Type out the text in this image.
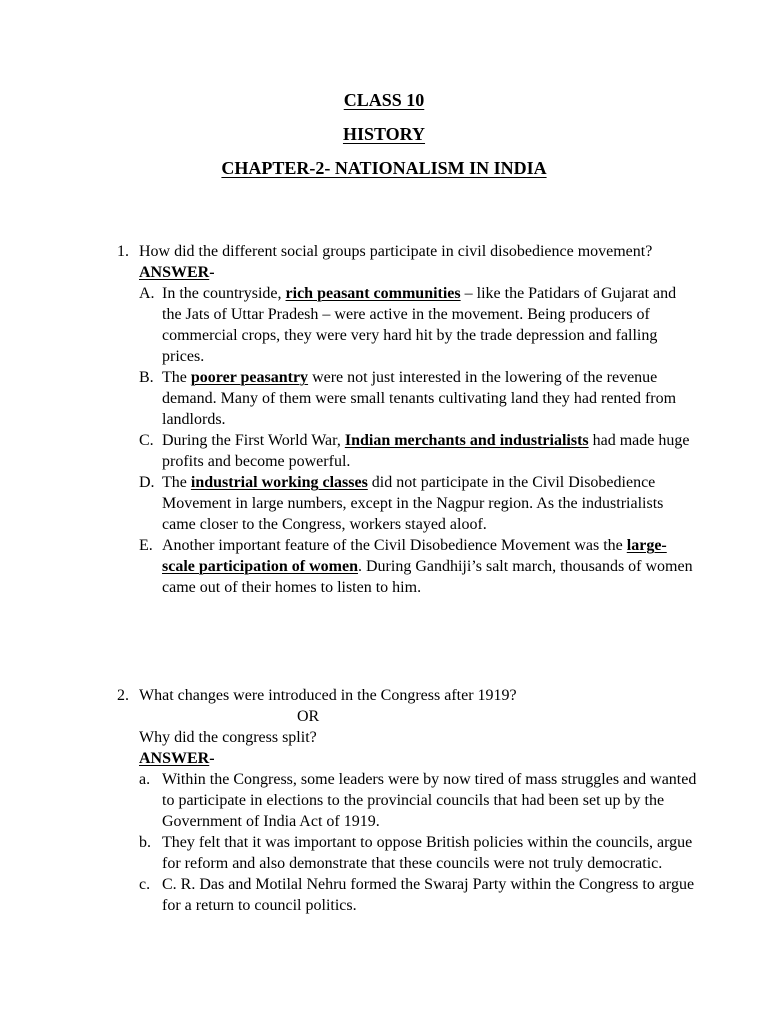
CLASS 10
HISTORY
CHAPTER-2- NATIONALISM IN INDIA
1. How did the different social groups participate in civil disobedience movement?
ANSWER-
A. In the countryside, rich peasant communities – like the Patidars of Gujarat and the Jats of Uttar Pradesh – were active in the movement. Being producers of commercial crops, they were very hard hit by the trade depression and falling prices.
B. The poorer peasantry were not just interested in the lowering of the revenue demand. Many of them were small tenants cultivating land they had rented from landlords.
C. During the First World War, Indian merchants and industrialists had made huge profits and become powerful.
D. The industrial working classes did not participate in the Civil Disobedience Movement in large numbers, except in the Nagpur region. As the industrialists came closer to the Congress, workers stayed aloof.
E. Another important feature of the Civil Disobedience Movement was the large-scale participation of women. During Gandhiji’s salt march, thousands of women came out of their homes to listen to him.
2. What changes were introduced in the Congress after 1919?
OR
Why did the congress split?
ANSWER-
a. Within the Congress, some leaders were by now tired of mass struggles and wanted to participate in elections to the provincial councils that had been set up by the Government of India Act of 1919.
b. They felt that it was important to oppose British policies within the councils, argue for reform and also demonstrate that these councils were not truly democratic.
c. C. R. Das and Motilal Nehru formed the Swaraj Party within the Congress to argue for a return to council politics.
